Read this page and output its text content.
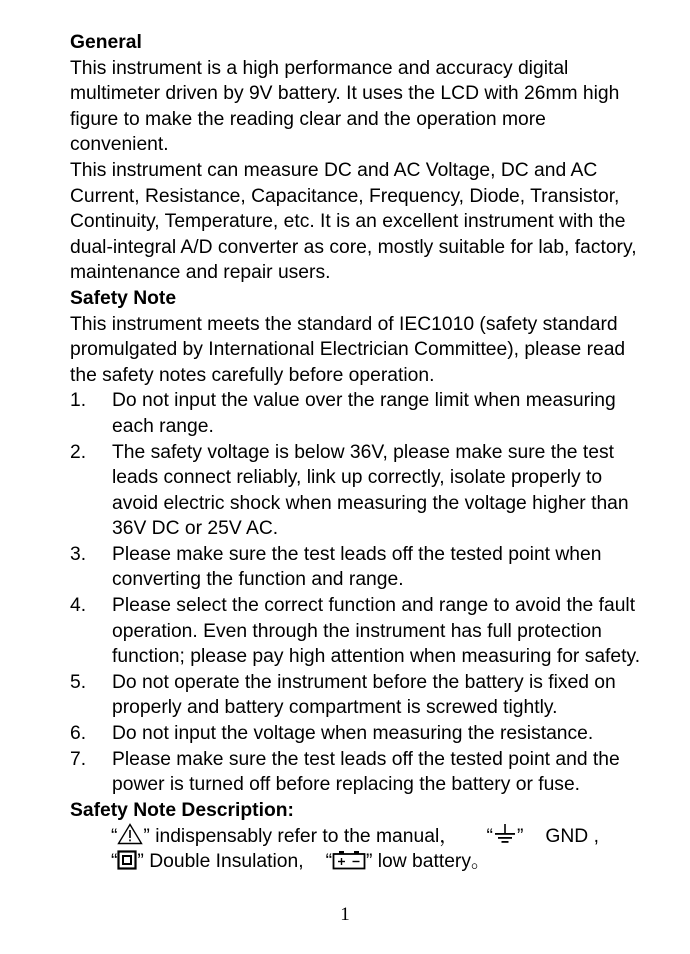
General
This instrument is a high performance and accuracy digital
multimeter driven by 9V battery. It uses the LCD with 26mm high
figure to make the reading clear and the operation more
convenient.
This instrument can measure DC and AC Voltage, DC and AC
Current, Resistance, Capacitance, Frequency, Diode, Transistor,
Continuity, Temperature, etc. It is an excellent instrument with the
dual-integral A/D converter as core, mostly suitable for lab, factory,
maintenance and repair users.
Safety Note
This instrument meets the standard of IEC1010 (safety standard
promulgated by International Electrician Committee), please read
the safety notes carefully before operation.
1.	Do not input the value over the range limit when measuring
each range.
2.	The safety voltage is below 36V, please make sure the test
leads connect reliably, link up correctly, isolate properly to
avoid electric shock when measuring the voltage higher than
36V DC or 25V AC.
3.	Please make sure the test leads off the tested point when
converting the function and range.
4.	Please select the correct function and range to avoid the fault
operation. Even through the instrument has full protection
function; please pay high attention when measuring for safety.
5.	Do not operate the instrument before the battery is fixed on
properly and battery compartment is screwed tightly.
6.	Do not input the voltage when measuring the resistance.
7.	Please make sure the test leads off the tested point and the
power is turned off before replacing the battery or fuse.
Safety Note Description:
“ ” indispensably refer to the manual， “ ” GND ,
“ ” Double Insulation, “ ” low battery。
1
